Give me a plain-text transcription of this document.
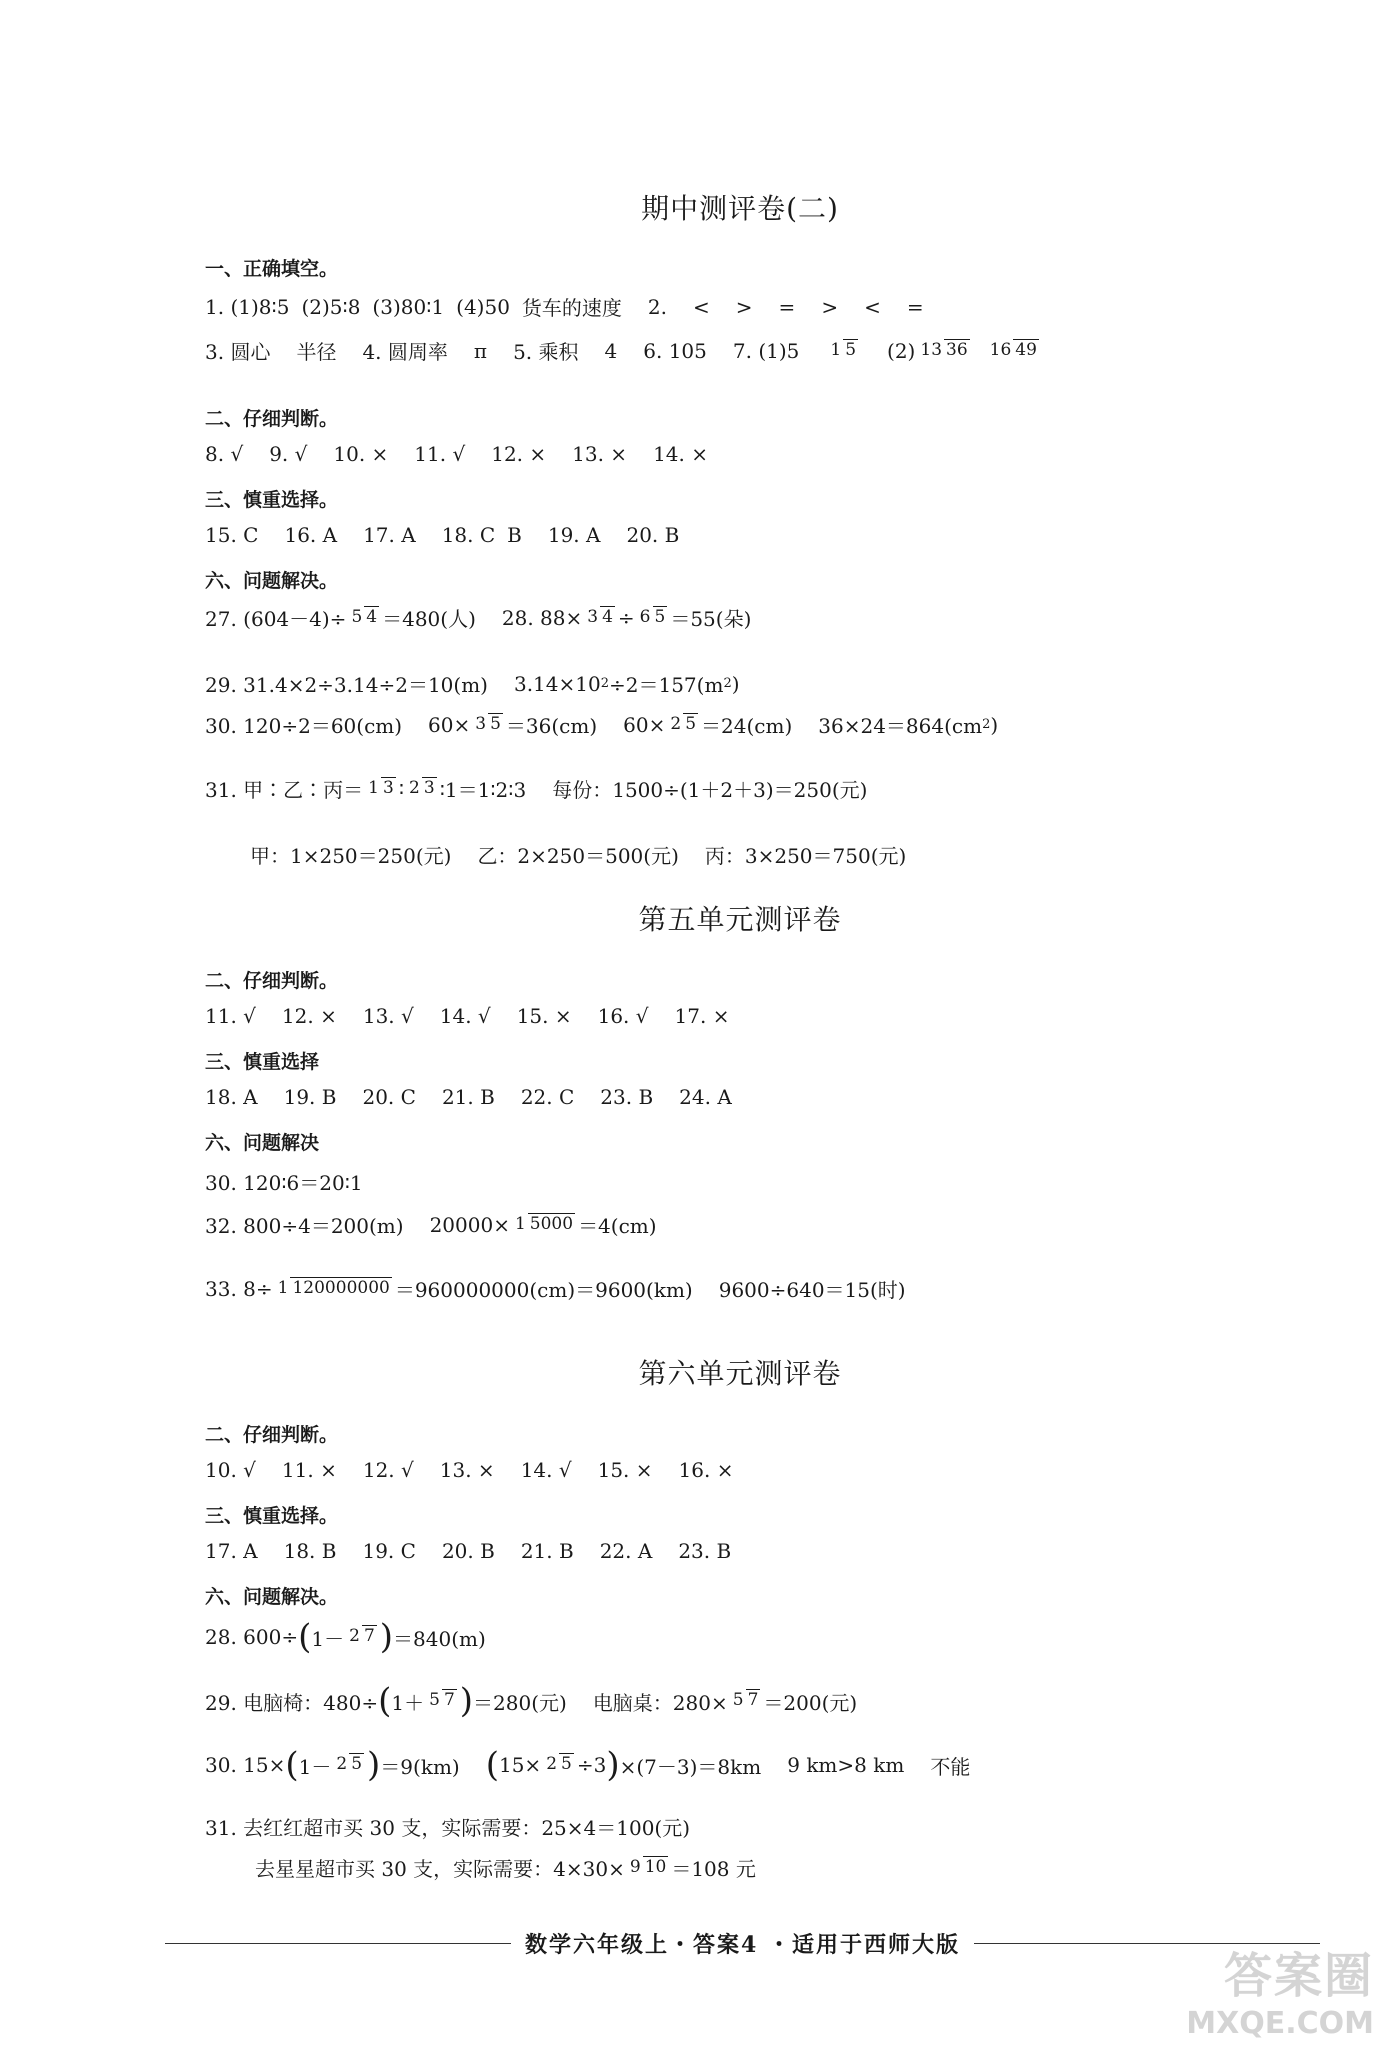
期中测评卷(二)
一、正确填空。
1. (1)8∶5 (2)5∶8 (3)80∶1 (4)50 货车的速度 2. < > = > < =
3. 圆心 半径 4. 圆周率 π 5. 乘积 4 6. 105 7. (1)5 1 5 (2) 13 36 16 49
二、仔细判断。
8. √ 9. √ 10. × 11. √ 12. × 13. × 14. ×
三、慎重选择。
15. C 16. A 17. A 18. C B 19. A 20. B
六、问题解决。
27. (604－4)÷ 5 4 ＝480(人) 28. 88× 3 4 ÷ 6 5 ＝55(朵)
29. 31.4×2÷3.14÷2＝10(m) 3.14×10 2 ÷2＝157(m 2 )
30. 120÷2＝60(cm) 60× 3 5 ＝36(cm) 60× 2 5 ＝24(cm) 36×24＝864(cm 2 )
31. 甲∶乙∶丙＝ 1 3 ∶ 2 3 ∶1＝1∶2∶3 每份：1500÷(1＋2＋3)＝250(元)
甲：1×250＝250(元) 乙：2×250＝500(元) 丙：3×250＝750(元)
第五单元测评卷
二、仔细判断。
11. √ 12. × 13. √ 14. √ 15. × 16. √ 17. ×
三、慎重选择
18. A 19. B 20. C 21. B 22. C 23. B 24. A
六、问题解决
30. 120∶6＝20∶1
32. 800÷4＝200(m) 20000× 1 5000 ＝4(cm)
33. 8÷ 1 120000000 ＝960000000(cm)＝9600(km) 9600÷640＝15(时)
第六单元测评卷
二、仔细判断。
10. √ 11. × 12. √ 13. × 14. √ 15. × 16. ×
三、慎重选择。
17. A 18. B 19. C 20. B 21. B 22. A 23. B
六、问题解决。
28. 600÷ ( 1－ 2 7 ) ＝840(m)
29. 电脑椅：480÷ ( 1＋ 5 7 ) ＝280(元) 电脑桌：280× 5 7 ＝200(元)
30. 15× ( 1－ 2 5 ) ＝9(km) ( 15× 2 5 ÷3 ) ×(7－3)＝8km 9 km>8 km 不能
31. 去红红超市买 30 支，实际需要：25×4＝100(元)
去星星超市买 30 支，实际需要：4×30× 9 10 ＝108 元
数学六年级上・答案4 ・适用于西师大版
答案圈
MXQE.COM
